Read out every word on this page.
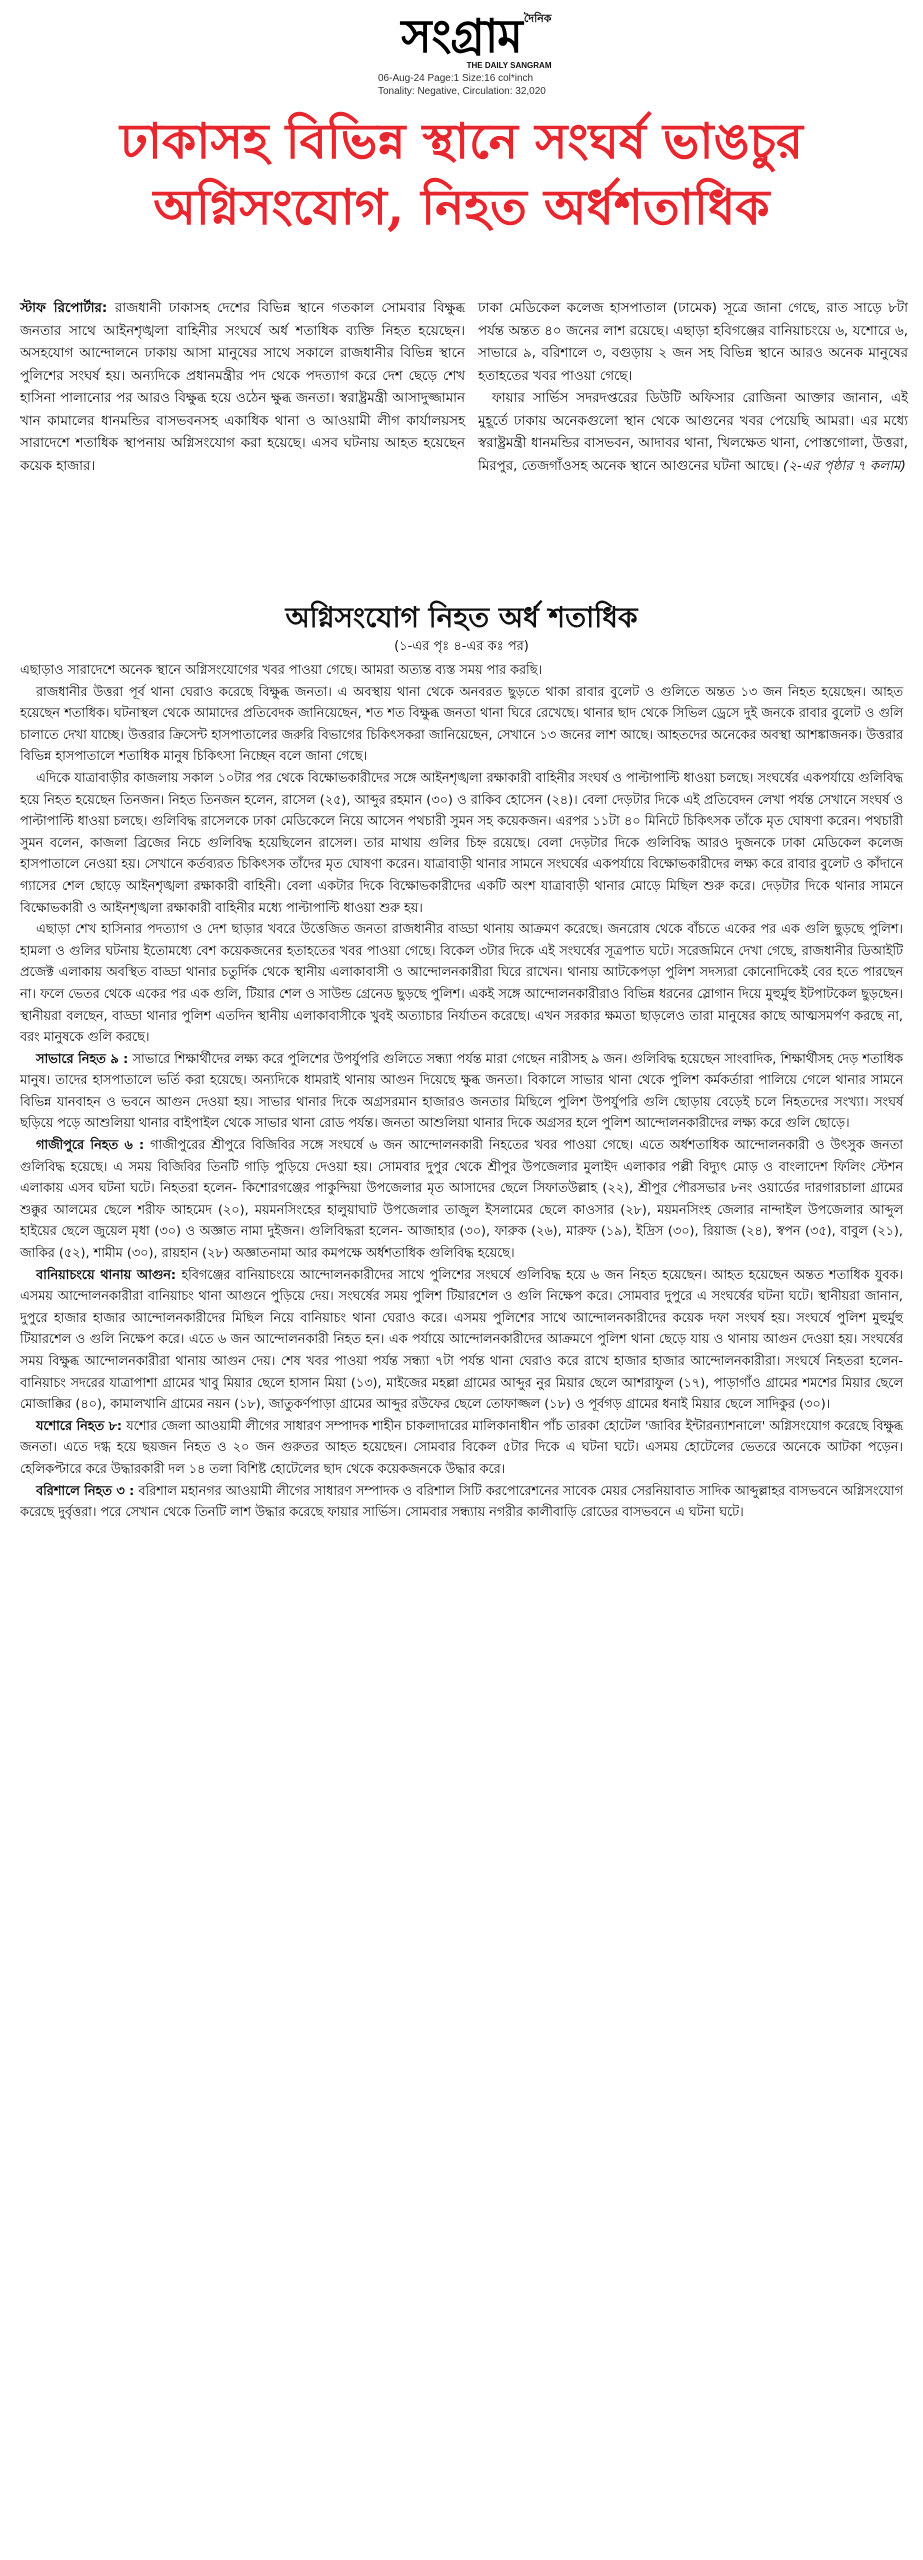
সংগ্রাম দৈনিক
THE DAILY SANGRAM
06-Aug-24 Page:1 Size:16 col*inch
Tonality: Negative, Circulation: 32,020
ঢাকাসহ বিভিন্ন স্থানে সংঘর্ষ ভাঙচুর
অগ্নিসংযোগ, নিহত অর্ধশতাধিক

স্টাফ রিপোর্টার: রাজধানী ঢাকাসহ দেশের বিভিন্ন স্থানে গতকাল সোমবার বিক্ষুব্ধ জনতার সাথে আইনশৃঙ্খলা বাহিনীর সংঘর্ষে অর্ধ শতাধিক ব্যক্তি নিহত হয়েছেন। অসহযোগ আন্দোলনে ঢাকায় আসা মানুষের সাথে সকালে রাজধানীর বিভিন্ন স্থানে পুলিশের সংঘর্ষ হয়। অন্যদিকে প্রধানমন্ত্রীর পদ থেকে পদত্যাগ করে দেশ ছেড়ে শেখ হাসিনা পালানোর পর আরও বিক্ষুব্ধ হয়ে ওঠেন ক্ষুব্ধ জনতা। স্বরাষ্ট্রমন্ত্রী আসাদুজ্জামান খান কামালের ধানমন্ডির বাসভবনসহ একাধিক থানা ও আওয়ামী লীগ কার্যালয়সহ সারাদেশে শতাধিক স্থাপনায় অগ্নিসংযোগ করা হয়েছে। এসব ঘটনায় আহত হয়েছেন কয়েক হাজার।

ঢাকা মেডিকেল কলেজ হাসপাতাল (ঢামেক) সূত্রে জানা গেছে, রাত সাড়ে ৮টা পর্যন্ত অন্তত ৪০ জনের লাশ রয়েছে। এছাড়া হবিগঞ্জের বানিয়াচংয়ে ৬, যশোরে ৬, সাভারে ৯, বরিশালে ৩, বগুড়ায় ২ জন সহ বিভিন্ন স্থানে আরও অনেক মানুষের হতাহতের খবর পাওয়া গেছে।

ফায়ার সার্ভিস সদরদপ্তরের ডিউটি অফিসার রোজিনা আক্তার জানান, এই মুহূর্তে ঢাকায় অনেকগুলো স্থান থেকে আগুনের খবর পেয়েছি আমরা। এর মধ্যে স্বরাষ্ট্রমন্ত্রী ধানমন্ডির বাসভবন, আদাবর থানা, খিলক্ষেত থানা, পোস্তগোলা, উত্তরা, মিরপুর, তেজগাঁওসহ অনেক স্থানে আগুনের ঘটনা আছে। (২-এর পৃষ্ঠার ৭ কলাম)

অগ্নিসংযোগ নিহত অর্ধ শতাধিক
(১-এর পৃঃ ৪-এর কঃ পর)

এছাড়াও সারাদেশে অনেক স্থানে অগ্নিসংযোগের খবর পাওয়া গেছে। আমরা অত্যন্ত ব্যস্ত সময় পার করছি।

রাজধানীর উত্তরা পূর্ব থানা ঘেরাও করেছে বিক্ষুব্ধ জনতা। এ অবস্থায় থানা থেকে অনবরত ছুড়তে থাকা রাবার বুলেট ও গুলিতে অন্তত ১৩ জন নিহত হয়েছেন। আহত হয়েছেন শতাধিক। ঘটনাস্থল থেকে আমাদের প্রতিবেদক জানিয়েছেন, শত শত বিক্ষুব্ধ জনতা থানা ঘিরে রেখেছে। থানার ছাদ থেকে সিভিল ড্রেসে দুই জনকে রাবার বুলেট ও গুলি চালাতে দেখা যাচ্ছে। উত্তরার ক্রিসেন্ট হাসপাতালের জরুরি বিভাগের চিকিৎসকরা জানিয়েছেন, সেখানে ১৩ জনের লাশ আছে। আহতদের অনেকের অবস্থা আশঙ্কাজনক। উত্তরার বিভিন্ন হাসপাতালে শতাধিক মানুষ চিকিৎসা নিচ্ছেন বলে জানা গেছে।

এদিকে যাত্রাবাড়ীর কাজলায় সকাল ১০টার পর থেকে বিক্ষোভকারীদের সঙ্গে আইনশৃঙ্খলা রক্ষাকারী বাহিনীর সংঘর্ষ ও পাল্টাপাল্টি ধাওয়া চলছে। সংঘর্ষের একপর্যায়ে গুলিবিদ্ধ হয়ে নিহত হয়েছেন তিনজন। নিহত তিনজন হলেন, রাসেল (২৫), আব্দুর রহমান (৩০) ও রাকিব হোসেন (২৪)। বেলা দেড়টার দিকে এই প্রতিবেদন লেখা পর্যন্ত সেখানে সংঘর্ষ ও পাল্টাপাল্টি ধাওয়া চলছে। গুলিবিদ্ধ রাসেলকে ঢাকা মেডিকেলে নিয়ে আসেন পথচারী সুমন সহ কয়েকজন। এরপর ১১টা ৪০ মিনিটে চিকিৎসক তাঁকে মৃত ঘোষণা করেন। পথচারী সুমন বলেন, কাজলা ব্রিজের নিচে গুলিবিদ্ধ হয়েছিলেন রাসেল। তার মাথায় গুলির চিহ্ন রয়েছে। বেলা দেড়টার দিকে গুলিবিদ্ধ আরও দুজনকে ঢাকা মেডিকেল কলেজ হাসপাতালে নেওয়া হয়। সেখানে কর্তব্যরত চিকিৎসক তাঁদের মৃত ঘোষণা করেন। যাত্রাবাড়ী থানার সামনে সংঘর্ষের একপর্যায়ে বিক্ষোভকারীদের লক্ষ্য করে রাবার বুলেট ও কাঁদানে গ্যাসের শেল ছোড়ে আইনশৃঙ্খলা রক্ষাকারী বাহিনী। বেলা একটার দিকে বিক্ষোভকারীদের একটি অংশ যাত্রাবাড়ী থানার মোড়ে মিছিল শুরু করে। দেড়টার দিকে থানার সামনে বিক্ষোভকারী ও আইনশৃঙ্খলা রক্ষাকারী বাহিনীর মধ্যে পাল্টাপাল্টি ধাওয়া শুরু হয়।

এছাড়া শেখ হাসিনার পদত্যাগ ও দেশ ছাড়ার খবরে উত্তেজিত জনতা রাজধানীর বাড্ডা থানায় আক্রমণ করেছে। জনরোষ থেকে বাঁচতে একের পর এক গুলি ছুড়ছে পুলিশ। হামলা ও গুলির ঘটনায় ইতোমধ্যে বেশ কয়েকজনের হতাহতের খবর পাওয়া গেছে। বিকেল ৩টার দিকে এই সংঘর্ষের সূত্রপাত ঘটে। সরেজমিনে দেখা গেছে, রাজধানীর ডিআইটি প্রজেক্ট এলাকায় অবস্থিত বাড্ডা থানার চতুর্দিক থেকে স্থানীয় এলাকাবাসী ও আন্দোলনকারীরা ঘিরে রাখেন। থানায় আটকেপড়া পুলিশ সদস্যরা কোনোদিকেই বের হতে পারছেন না। ফলে ভেতর থেকে একের পর এক গুলি, টিয়ার শেল ও সাউন্ড গ্রেনেড ছুড়ছে পুলিশ। একই সঙ্গে আন্দোলনকারীরাও বিভিন্ন ধরনের স্লোগান দিয়ে মুহুর্মুহু ইটপাটকেল ছুড়ছেন। স্থানীয়রা বলছেন, বাড্ডা থানার পুলিশ এতদিন স্থানীয় এলাকাবাসীকে খুবই অত্যাচার নির্যাতন করেছে। এখন সরকার ক্ষমতা ছাড়লেও তারা মানুষের কাছে আত্মসমর্পণ করছে না, বরং মানুষকে গুলি করছে।

সাভারে নিহত ৯ : সাভারে শিক্ষার্থীদের লক্ষ্য করে পুলিশের উপর্যুপরি গুলিতে সন্ধ্যা পর্যন্ত মারা গেছেন নারীসহ ৯ জন। গুলিবিদ্ধ হয়েছেন সাংবাদিক, শিক্ষার্থীসহ দেড় শতাধিক মানুষ। তাদের হাসপাতালে ভর্তি করা হয়েছে। অন্যদিকে ধামরাই থানায় আগুন দিয়েছে ক্ষুব্ধ জনতা। বিকালে সাভার থানা থেকে পুলিশ কর্মকর্তারা পালিয়ে গেলে থানার সামনে বিভিন্ন যানবাহন ও ভবনে আগুন দেওয়া হয়। সাভার থানার দিকে অগ্রসরমান হাজারও জনতার মিছিলে পুলিশ উপর্যুপরি গুলি ছোড়ায় বেড়েই চলে নিহতদের সংখ্যা। সংঘর্ষ ছড়িয়ে পড়ে আশুলিয়া থানার বাইপাইল থেকে সাভার থানা রোড পর্যন্ত। জনতা আশুলিয়া থানার দিকে অগ্রসর হলে পুলিশ আন্দোলনকারীদের লক্ষ্য করে গুলি ছোড়ে।

গাজীপুরে নিহত ৬ : গাজীপুরের শ্রীপুরে বিজিবির সঙ্গে সংঘর্ষে ৬ জন আন্দোলনকারী নিহতের খবর পাওয়া গেছে। এতে অর্ধশতাধিক আন্দোলনকারী ও উৎসুক জনতা গুলিবিদ্ধ হয়েছে। এ সময় বিজিবির তিনটি গাড়ি পুড়িয়ে দেওয়া হয়। সোমবার দুপুর থেকে শ্রীপুর উপজেলার মুলাইদ এলাকার পল্লী বিদ্যুৎ মোড় ও বাংলাদেশ ফিলিং স্টেশন এলাকায় এসব ঘটনা ঘটে। নিহতরা হলেন- কিশোরগঞ্জের পাকুন্দিয়া উপজেলার মৃত আসাদের ছেলে সিফাতউল্লাহ (২২), শ্রীপুর পৌরসভার ৮নং ওয়ার্ডের দারগারচালা গ্রামের শুক্কুর আলমের ছেলে শরীফ আহমেদ (২০), ময়মনসিংহের হালুয়াঘাট উপজেলার তাজুল ইসলামের ছেলে কাওসার (২৮), ময়মনসিংহ জেলার নান্দাইল উপজেলার আব্দুল হাইয়ের ছেলে জুয়েল মৃধা (৩০) ও অজ্ঞাত নামা দুইজন। গুলিবিদ্ধরা হলেন- আজাহার (৩০), ফারুক (২৬), মারুফ (১৯), ইদ্রিস (৩০), রিয়াজ (২৪), স্বপন (৩৫), বাবুল (২১), জাকির (৫২), শামীম (৩০), রায়হান (২৮) অজ্ঞাতনামা আর কমপক্ষে অর্ধশতাধিক গুলিবিদ্ধ হয়েছে।

বানিয়াচংয়ে থানায় আগুন: হবিগঞ্জের বানিয়াচংয়ে আন্দোলনকারীদের সাথে পুলিশের সংঘর্ষে গুলিবিদ্ধ হয়ে ৬ জন নিহত হয়েছেন। আহত হয়েছেন অন্তত শতাধিক যুবক। এসময় আন্দোলনকারীরা বানিয়াচং থানা আগুনে পুড়িয়ে দেয়। সংঘর্ষের সময় পুলিশ টিয়ারশেল ও গুলি নিক্ষেপ করে। সোমবার দুপুরে এ সংঘর্ষের ঘটনা ঘটে। স্থানীয়রা জানান, দুপুরে হাজার হাজার আন্দোলনকারীদের মিছিল নিয়ে বানিয়াচং থানা ঘেরাও করে। এসময় পুলিশের সাথে আন্দোলনকারীদের কয়েক দফা সংঘর্ষ হয়। সংঘর্ষে পুলিশ মুহুর্মুহু টিয়ারশেল ও গুলি নিক্ষেপ করে। এতে ৬ জন আন্দোলনকারী নিহত হন। এক পর্যায়ে আন্দোলনকারীদের আক্রমণে পুলিশ থানা ছেড়ে যায় ও থানায় আগুন দেওয়া হয়। সংঘর্ষের সময় বিক্ষুব্ধ আন্দোলনকারীরা থানায় আগুন দেয়। শেষ খবর পাওয়া পর্যন্ত সন্ধ্যা ৭টা পর্যন্ত থানা ঘেরাও করে রাখে হাজার হাজার আন্দোলনকারীরা। সংঘর্ষে নিহতরা হলেন- বানিয়াচং সদরের যাত্রাপাশা গ্রামের খাবু মিয়ার ছেলে হাসান মিয়া (১৩), মাইজের মহল্লা গ্রামের আব্দুর নুর মিয়ার ছেলে আশরাফুল (১৭), পাড়াগাঁও গ্রামের শমশের মিয়ার ছেলে মোজাক্কির (৪০), কামালখানি গ্রামের নয়ন (১৮), জাতুকর্ণপাড়া গ্রামের আব্দুর রউফের ছেলে তোফাজ্জল (১৮) ও পূর্বগড় গ্রামের ধনাই মিয়ার ছেলে সাদিকুর (৩০)।

যশোরে নিহত ৮: যশোর জেলা আওয়ামী লীগের সাধারণ সম্পাদক শাহীন চাকলাদারের মালিকানাধীন পাঁচ তারকা হোটেল 'জাবির ইন্টারন্যাশনালে' অগ্নিসংযোগ করেছে বিক্ষুব্ধ জনতা। এতে দগ্ধ হয়ে ছয়জন নিহত ও ২০ জন গুরুতর আহত হয়েছেন। সোমবার বিকেল ৫টার দিকে এ ঘটনা ঘটে। এসময় হোটেলের ভেতরে অনেকে আটকা পড়েন। হেলিকপ্টারে করে উদ্ধারকারী দল ১৪ তলা বিশিষ্ট হোটেলের ছাদ থেকে কয়েকজনকে উদ্ধার করে।

বরিশালে নিহত ৩ : বরিশাল মহানগর আওয়ামী লীগের সাধারণ সম্পাদক ও বরিশাল সিটি করপোরেশনের সাবেক মেয়র সেরনিয়াবাত সাদিক আব্দুল্লাহর বাসভবনে অগ্নিসংযোগ করেছে দুর্বৃত্তরা। পরে সেখান থেকে তিনটি লাশ উদ্ধার করেছে ফায়ার সার্ভিস। সোমবার সন্ধ্যায় নগরীর কালীবাড়ি রোডের বাসভবনে এ ঘটনা ঘটে।
